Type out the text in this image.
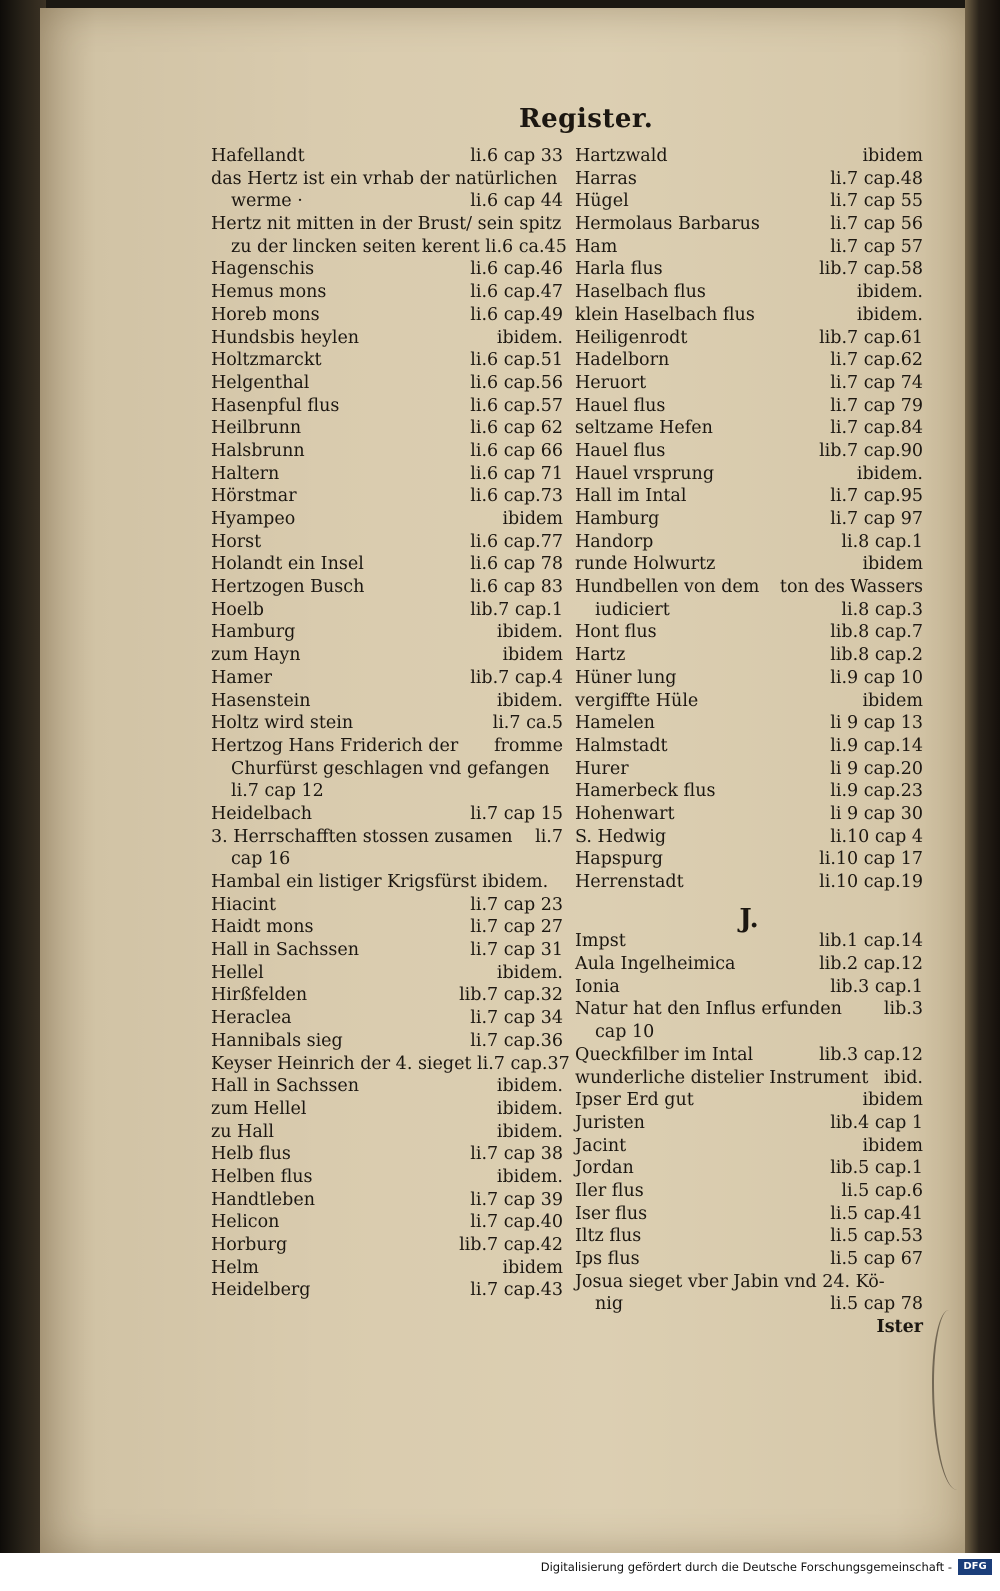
Register.
Hafellandt	li.6 cap 33
das Hertz ist ein vrhab der natürlichen
werme ·	li.6 cap 44
Hertz nit mitten in der Brust/ sein spitz
zu der lincken seiten kerent li.6 ca.45
Hagenschis	li.6 cap.46
Hemus mons	li.6 cap.47
Horeb mons	li.6 cap.49
Hundsbis heylen	ibidem.
Holtzmarckt	li.6 cap.51
Helgenthal	li.6 cap.56
Hasenpful flus	li.6 cap.57
Heilbrunn	li.6 cap 62
Halsbrunn	li.6 cap 66
Haltern	li.6 cap 71
Hörstmar	li.6 cap.73
Hyampeo	ibidem
Horst	li.6 cap.77
Holandt ein Insel	li.6 cap 78
Hertzogen Busch	li.6 cap 83
Hoelb	lib.7 cap.1
Hamburg	ibidem.
zum Hayn	ibidem
Hamer	lib.7 cap.4
Hasenstein	ibidem.
Holtz wird stein	li.7 ca.5
Hertzog Hans Friderich der fromme
Churfürst geschlagen vnd gefangen
li.7 cap 12
Heidelbach	li.7 cap 15
3. Herrschafften stossen zusamen li.7
cap 16
Hambal ein listiger Krigsfürst ibidem.
Hiacint	li.7 cap 23
Haidt mons	li.7 cap 27
Hall in Sachssen	li.7 cap 31
Hellel	ibidem.
Hirßfelden	lib.7 cap.32
Heraclea	li.7 cap 34
Hannibals sieg	li.7 cap.36
Keyser Heinrich der 4. sieget li.7 cap.37
Hall in Sachssen	ibidem.
zum Hellel	ibidem.
zu Hall	ibidem.
Helb flus	li.7 cap 38
Helben flus	ibidem.
Handtleben	li.7 cap 39
Helicon	li.7 cap.40
Horburg	lib.7 cap.42
Helm	ibidem
Heidelberg	li.7 cap.43
Hartzwald	ibidem
Harras	li.7 cap.48
Hügel	li.7 cap 55
Hermolaus Barbarus	li.7 cap 56
Ham	li.7 cap 57
Harla flus	lib.7 cap.58
Haselbach flus	ibidem.
klein Haselbach flus	ibidem.
Heiligenrodt	lib.7 cap.61
Hadelborn	li.7 cap.62
Heruort	li.7 cap 74
Hauel flus	li.7 cap 79
seltzame Hefen	li.7 cap.84
Hauel flus	lib.7 cap.90
Hauel vrsprung	ibidem.
Hall im Intal	li.7 cap.95
Hamburg	li.7 cap 97
Handorp	li.8 cap.1
runde Holwurtz	ibidem
Hundbellen von dem ton des Wassers
iudiciert	li.8 cap.3
Hont flus	lib.8 cap.7
Hartz	lib.8 cap.2
Hüner lung	li.9 cap 10
vergiffte Hüle	ibidem
Hamelen	li 9 cap 13
Halmstadt	li.9 cap.14
Hurer	li 9 cap.20
Hamerbeck flus	li.9 cap.23
Hohenwart	li 9 cap 30
S. Hedwig	li.10 cap 4
Hapspurg	li.10 cap 17
Herrenstadt	li.10 cap.19
J.
Impst	lib.1 cap.14
Aula Ingelheimica	lib.2 cap.12
Ionia	lib.3 cap.1
Natur hat den Influs erfunden lib.3
cap 10
Queckfilber im Intal	lib.3 cap.12
wunderliche distelier Instrument ibid.
Ipser Erd gut	ibidem
Juristen	lib.4 cap 1
Jacint	ibidem
Jordan	lib.5 cap.1
Iler flus	li.5 cap.6
Iser flus	li.5 cap.41
Iltz flus	li.5 cap.53
Ips flus	li.5 cap 67
Josua sieget vber Jabin vnd 24. Kö-
nig	li.5 cap 78
Ister
Digitalisierung gefördert durch die Deutsche Forschungsgemeinschaft -	DFG
